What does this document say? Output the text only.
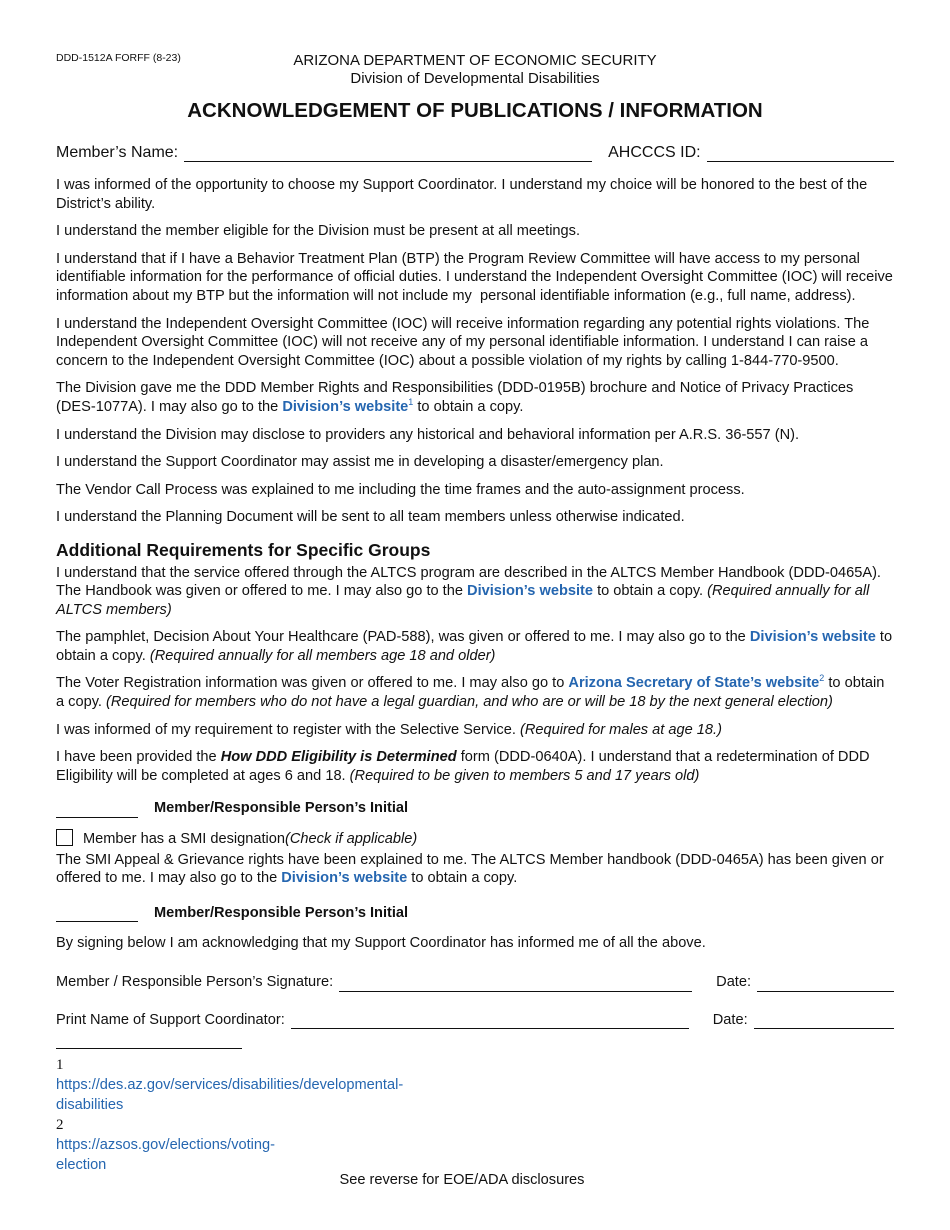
DDD-1512A FORFF (8-23)	ARIZONA DEPARTMENT OF ECONOMIC SECURITY
Division of Developmental Disabilities
ACKNOWLEDGEMENT OF PUBLICATIONS / INFORMATION
Member’s Name:	AHCCCS ID:

I was informed of the opportunity to choose my Support Coordinator. I understand my choice will be honored to the best of the District’s ability.

I understand the member eligible for the Division must be present at all meetings.

I understand that if I have a Behavior Treatment Plan (BTP) the Program Review Committee will have access to my personal identifiable information for the performance of official duties. I understand the Independent Oversight Committee (IOC) will receive information about my BTP but the information will not include my  personal identifiable information (e.g., full name, address).

I understand the Independent Oversight Committee (IOC) will receive information regarding any potential rights violations. The Independent Oversight Committee (IOC) will not receive any of my personal identifiable information. I understand I can raise a concern to the Independent Oversight Committee (IOC) about a possible violation of my rights by calling 1-844-770-9500.

The Division gave me the DDD Member Rights and Responsibilities (DDD-0195B) brochure and Notice of Privacy Practices (DES-1077A). I may also go to the Division’s website$^1$ to obtain a copy.

I understand the Division may disclose to providers any historical and behavioral information per A.R.S. 36-557 (N).

I understand the Support Coordinator may assist me in developing a disaster/emergency plan.

The Vendor Call Process was explained to me including the time frames and the auto-assignment process.

I understand the Planning Document will be sent to all team members unless otherwise indicated.

Additional Requirements for Specific Groups

I understand that the service offered through the ALTCS program are described in the ALTCS Member Handbook (DDD-0465A). The Handbook was given or offered to me. I may also go to the Division’s website to obtain a copy. (Required annually for all ALTCS members)

The pamphlet, Decision About Your Healthcare (PAD-588), was given or offered to me. I may also go to the Division’s website to obtain a copy. (Required annually for all members age 18 and older)

The Voter Registration information was given or offered to me. I may also go to Arizona Secretary of State’s website$^2$ to obtain a copy. (Required for members who do not have a legal guardian, and who are or will be 18 by the next general election)

I was informed of my requirement to register with the Selective Service. (Required for males at age 18.)

I have been provided the How DDD Eligibility is Determined form (DDD-0640A). I understand that a redetermination of DDD Eligibility will be completed at ages 6 and 18. (Required to be given to members 5 and 17 years old)

Member/Responsible Person’s Initial
Member has a SMI designation (Check if applicable)

The SMI Appeal & Grievance rights have been explained to me. The ALTCS Member handbook (DDD-0465A) has been given or offered to me. I may also go to the Division’s website to obtain a copy.

Member/Responsible Person’s Initial

By signing below I am acknowledging that my Support Coordinator has informed me of all the above.

Member / Responsible Person’s Signature:	Date:
Print Name of Support Coordinator:	Date:
1https://des.az.gov/services/disabilities/developmental-disabilities
2https://azsos.gov/elections/voting-election
See reverse for EOE/ADA disclosures
